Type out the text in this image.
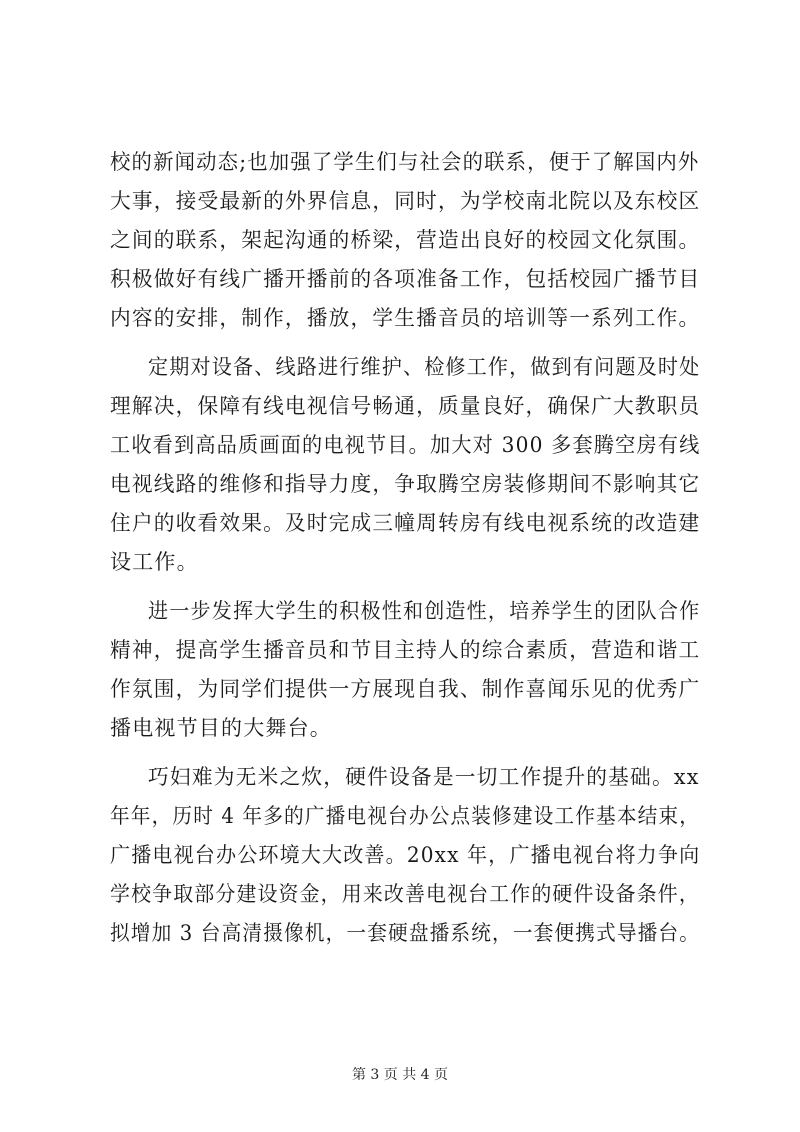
校的新闻动态;也加强了学生们与社会的联系，便于了解国内外
大事，接受最新的外界信息，同时，为学校南北院以及东校区
之间的联系，架起沟通的桥梁，营造出良好的校园文化氛围。
积极做好有线广播开播前的各项准备工作，包括校园广播节目
内容的安排，制作，播放，学生播音员的培训等一系列工作。
定期对设备、线路进行维护、检修工作，做到有问题及时处
理解决，保障有线电视信号畅通，质量良好，确保广大教职员
工收看到高品质画面的电视节目。加大对 300 多套腾空房有线
电视线路的维修和指导力度，争取腾空房装修期间不影响其它
住户的收看效果。及时完成三幢周转房有线电视系统的改造建
设工作。
进一步发挥大学生的积极性和创造性，培养学生的团队合作
精神，提高学生播音员和节目主持人的综合素质，营造和谐工
作氛围，为同学们提供一方展现自我、制作喜闻乐见的优秀广
播电视节目的大舞台。
巧妇难为无米之炊，硬件设备是一切工作提升的基础。xx
年年，历时 4 年多的广播电视台办公点装修建设工作基本结束，
广播电视台办公环境大大改善。20xx 年，广播电视台将力争向
学校争取部分建设资金，用来改善电视台工作的硬件设备条件，
拟增加 3 台高清摄像机，一套硬盘播系统，一套便携式导播台。
第 3 页 共 4 页
